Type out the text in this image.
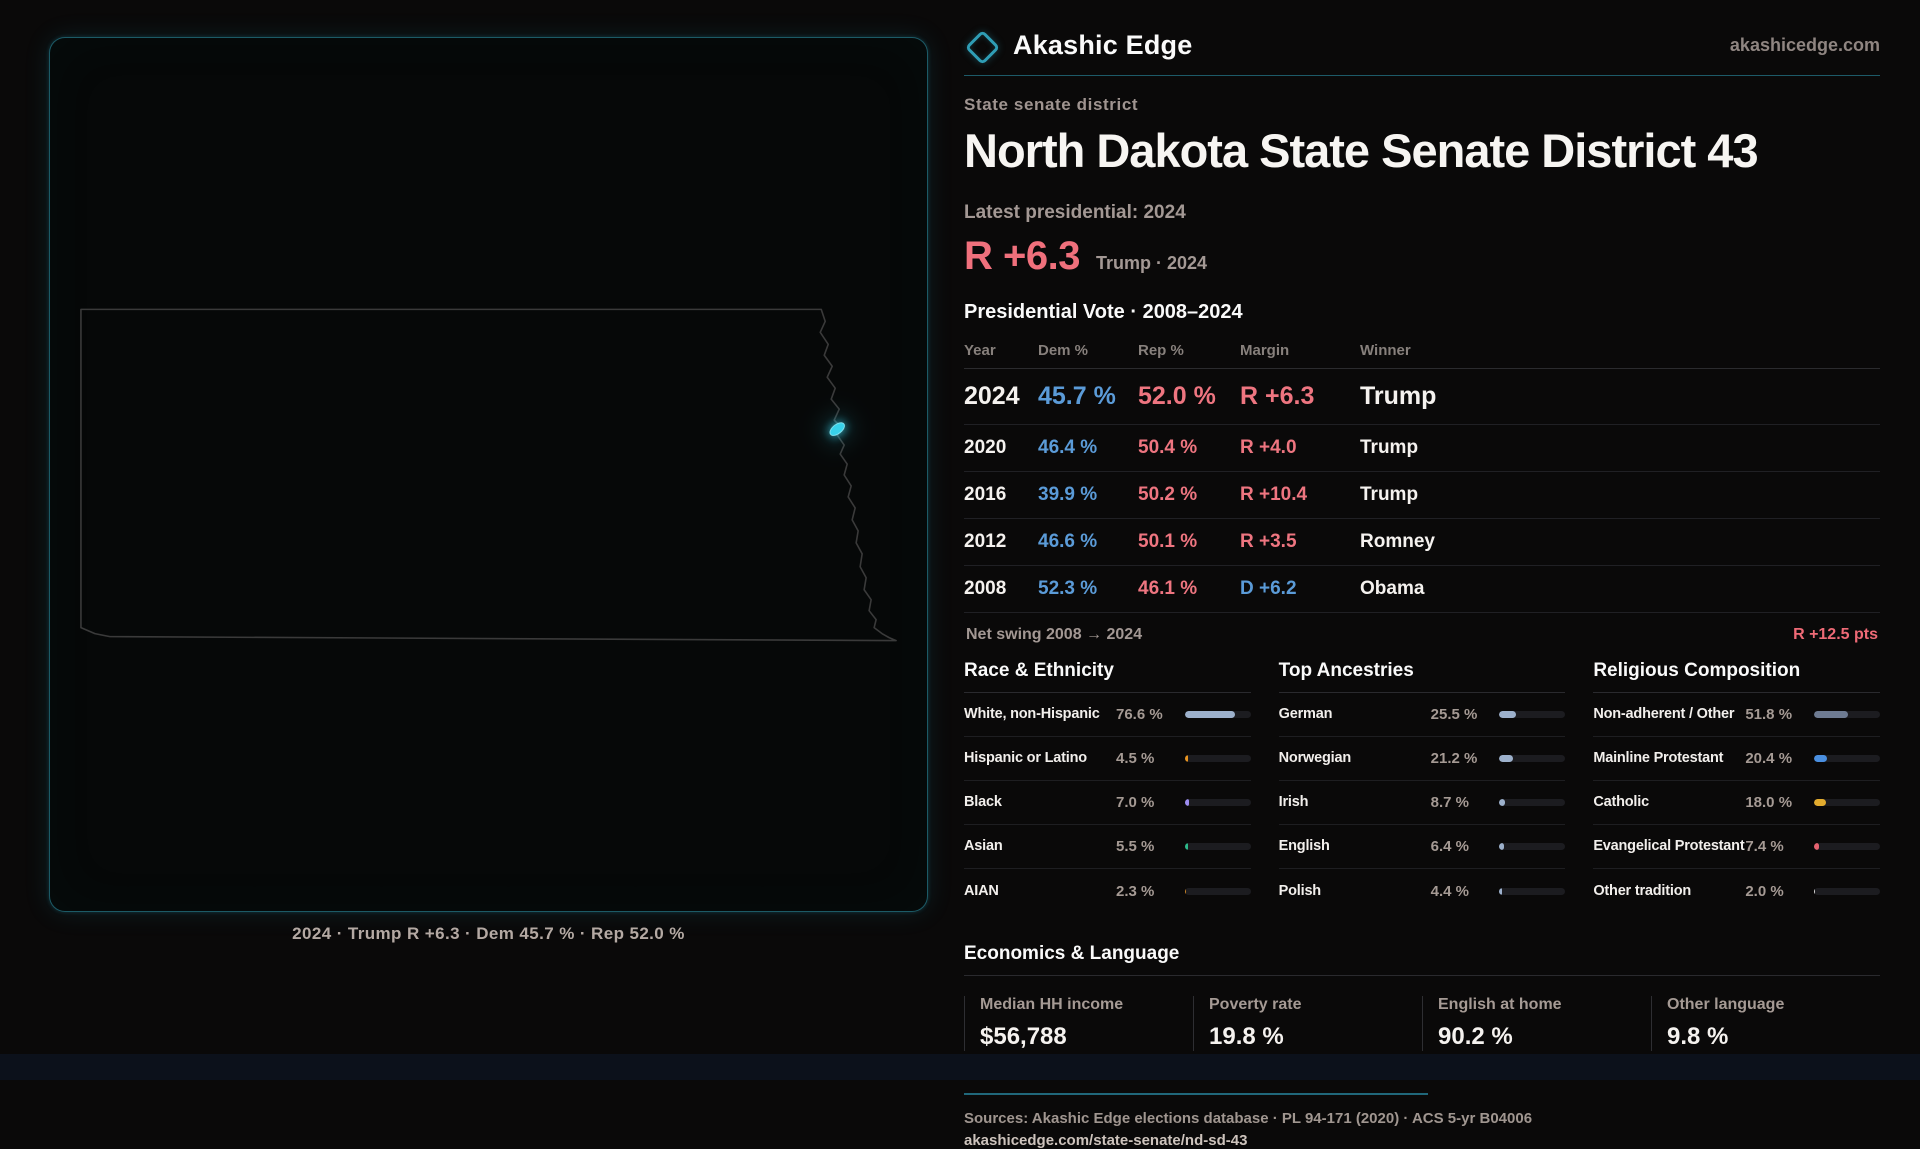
2024 · Trump R +6.3 · Dem 45.7 % · Rep 52.0 %
Akashic Edge	akashicedge.com
State senate district
North Dakota State Senate District 43
Latest presidential: 2024
R +6.3 Trump · 2024
Presidential Vote · 2008–2024
Year	Dem %	Rep %	Margin	Winner
2024 45.7 % 52.0 % R +6.3	Trump
2020	46.4 %	50.4 %	R +4.0	Trump
2016	39.9 %	50.2 %	R +10.4	Trump
2012	46.6 %	50.1 %	R +3.5	Romney
2008	52.3 %	46.1 %	D +6.2	Obama
Net swing 2008 → 2024	R +12.5 pts
Race & Ethnicity
White, non-Hispanic	76.6 %
Hispanic or Latino	4.5 %
Black	7.0 %
Asian	5.5 %
AIAN	2.3 %
Top Ancestries
German	25.5 %
Norwegian	21.2 %
Irish	8.7 %
English	6.4 %
Polish	4.4 %
Religious Composition
Non-adherent / Other 51.8 %
Mainline Protestant	20.4 %
Catholic	18.0 %
Evangelical Protestant 7.4 %
Other tradition	2.0 %
Economics & Language
Median HH income
$56,788
Poverty rate
19.8 %
English at home
90.2 %
Other language
9.8 %
Sources: Akashic Edge elections database · PL 94-171 (2020) · ACS 5-yr B04006
akashicedge.com/state-senate/nd-sd-43
